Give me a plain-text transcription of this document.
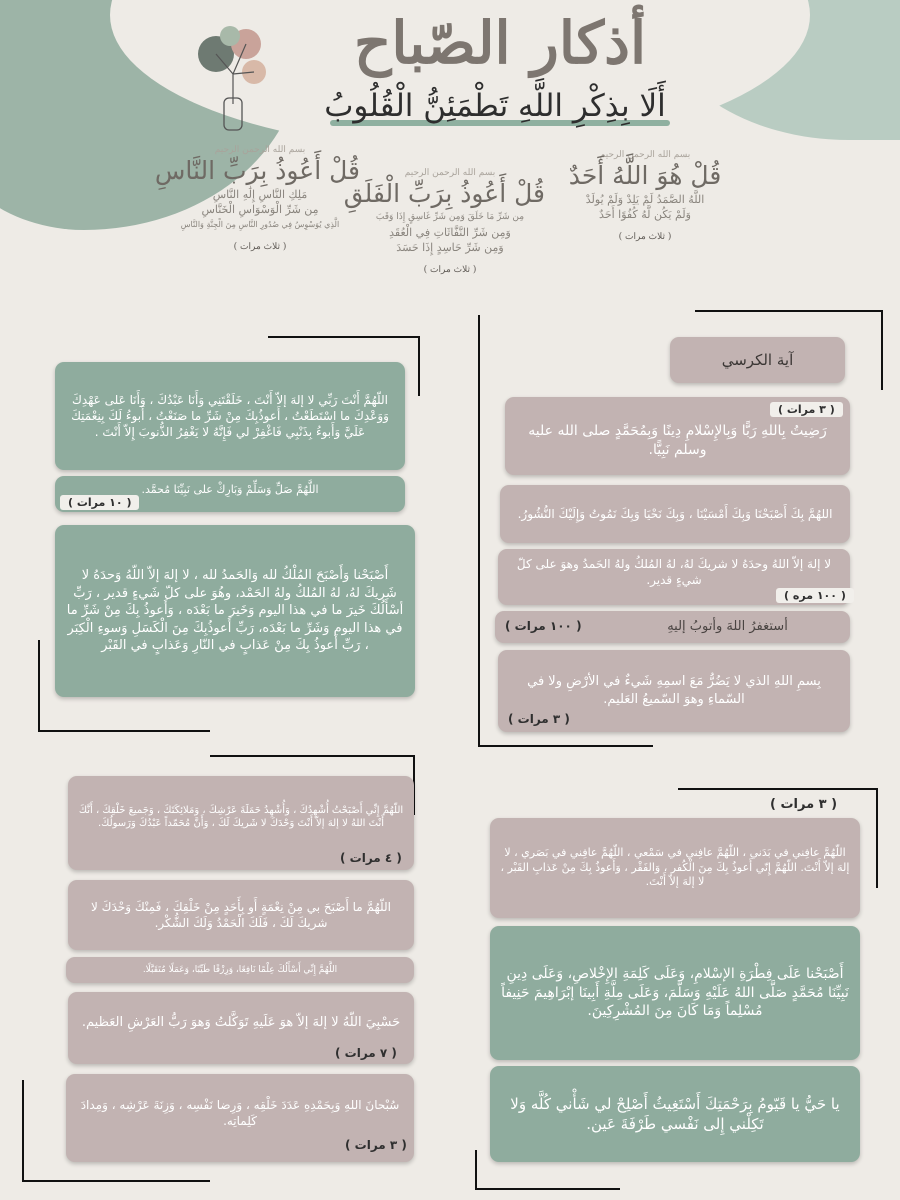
أذكار الصّباح
أَلَا بِذِكْرِ اللَّهِ تَطْمَئِنُّ الْقُلُوبُ
بسم الله الرحمن الرحيم
قُلْ هُوَ اللَّهُ أَحَدٌ
اللَّهُ الصَّمَدُ لَمْ يَلِدْ وَلَمْ يُولَدْ
وَلَمْ يَكُن لَّهُ كُفُوًا أَحَدٌ
( ثلاث مرات )
بسم الله الرحمن الرحيم
قُلْ أَعُوذُ بِرَبِّ الْفَلَقِ
مِن شَرِّ مَا خَلَقَ وَمِن شَرِّ غَاسِقٍ إِذَا وَقَبَ
وَمِن شَرِّ النَّفَّاثَاتِ فِي الْعُقَدِ
وَمِن شَرِّ حَاسِدٍ إِذَا حَسَدَ
( ثلاث مرات )
بسم الله الرحمن الرحيم
قُلْ أَعُوذُ بِرَبِّ النَّاسِ
مَلِكِ النَّاسِ إِلَٰهِ النَّاسِ
مِن شَرِّ الْوَسْوَاسِ الْخَنَّاسِ
الَّذِي يُوَسْوِسُ فِي صُدُورِ النَّاسِ مِنَ الْجِنَّةِ وَالنَّاسِ
( ثلاث مرات )
آية الكرسي
رَضِيتُ بِاللهِ رَبًّا وَبِالإِسْلامِ دِينًا وَبِمُحَمَّدٍ صلى الله عليه وسلم نَبِيًّا.
( ٣ مرات )
اللهُمَّ بِكَ أَصْبَحْنَا وَبِكَ أَمْسَيْنَا ، وَبِكَ نَحْيَا وَبِكَ نَمُوتُ وَإِلَيْكَ النُّشُورُ.
لا إلهَ إلاّ اللهُ وحدَهُ لا شريكَ لهُ، لهُ المُلكُ ولهُ الحَمدُ وهوَ على كلّ شيءٍ قدير.
( ١٠٠ مره )
أستغفرُ اللهَ وأتوبُ إليهِ
( ١٠٠ مرات )
بِسمِ اللهِ الذي لا يَضُرُّ مَعَ اسمِهِ شَيءٌ في الأرْضِ ولا في السّماءِ وهوَ السّميعُ العَليم.
( ٣ مرات )
اللّهُمَّ أَنْتَ رَبِّي لا إلهَ إلاّ أَنْتَ ، خَلَقْتَنِي وَأَنَا عَبْدُكَ ، وَأَنَا عَلى عَهْدِكَ وَوَعْدِكَ ما اسْتَطَعْتُ ، أَعوذُبِكَ مِنْ شَرِّ ما صَنَعْتُ ، أَبوءُ لَكَ بِنِعْمَتِكَ عَلَيَّ وَأَبوءُ بِذَنْبِي فَاغْفِرْ لي فَإِنَّهُ لا يَغْفِرُ الذُّنوبَ إِلاّ أَنْتَ .
اللَّهُمَّ صَلِّ وَسَلِّمْ وَبَارِكْ على نَبِيِّنَا مُحمَّد.
( ١٠ مرات )
أَصْبَحْنا وَأَصْبَحَ المُلْكُ لله وَالحَمدُ لله ، لا إلهَ إلاّ اللّهُ وَحدَهُ لا شَريكَ لهُ، لهُ المُلكُ ولهُ الحَمْد، وهُوَ على كلّ شَيءٍ قدير ، رَبِّ أسْأَلُكَ خَيرَ ما في هذا اليوم وَخَيرَ ما بَعْدَه ، وَأَعوذُ بِكَ مِنْ شَرِّ ما في هذا اليوم وَشَرِّ ما بَعْدَه، رَبِّ أَعوذُبِكَ مِنَ الْكَسَلِ وَسوءِ الْكِبَر ، رَبِّ أَعوذُ بِكَ مِنْ عَذابٍ في النّارِ وَعَذابٍ في القَبْر
اللّهُمَّ إِنِّي أَصْبَحْتُ أُشْهِدُكَ ، وَأُشْهِدُ حَمَلَةَ عَرْشِكَ ، وَمَلائِكَتَكَ ، وَجَميعَ خَلْقِكَ ، أَنَّكَ أَنْتَ اللهُ لا إلهَ إلاّ أَنْتَ وَحْدَكَ لا شَريكَ لَكَ ، وَأَنَّ مُحَمّداً عَبْدُكَ وَرَسولُكَ.
( ٤ مرات )
اللّهُمَّ ما أَصْبَحَ بي مِنْ نِعْمَةٍ أَو بِأَحَدٍ مِنْ خَلْقِكَ ، فَمِنْكَ وَحْدَكَ لا شريكَ لَكَ ، فَلَكَ الْحَمْدُ وَلَكَ الشُّكْر.
اللَّهُمَّ إِنِّي أَسْأَلُكَ عِلْمًا نَافِعًا، وَرِزْقًا طَيِّبًا، وَعَمَلًا مُتَقَبَّلًا.
حَسْبِيَ اللّهُ لا إلهَ إلاّ هوَ عَلَيهِ تَوَكَّلتُ وَهوَ رَبُّ العَرْشِ العَظيم.
( ٧ مرات )
سُبْحانَ اللهِ وَبِحَمْدِهِ عَدَدَ خَلْقِه ، وَرِضا نَفْسِه ، وَزِنَةَ عَرْشِه ، وَمِدادَ كَلِماتِه.
( ٣ مرات )
( ٣ مرات )
اللّهُمَّ عافِني في بَدَني ، اللّهُمَّ عافِني في سَمْعي ، اللّهُمَّ عافِني في بَصَري ، لا إلهَ إلاّ أَنْتَ. اللّهُمَّ إِنّي أَعوذُ بِكَ مِنَ الْكُفر ، وَالفَقْر ، وَأَعوذُ بِكَ مِنْ عَذابِ القَبْر ، لا إلهَ إلاّ أَنْتَ.
أَصْبَحْنا عَلَى فِطْرَةِ الإسْلامِ، وَعَلَى كَلِمَةِ الإِخْلاصِ، وَعَلَى دِينِ نَبِيِّنَا مُحَمَّدٍ صَلَّى اللهُ عَلَيْهِ وَسَلَّمَ، وَعَلَى مِلَّةِ أَبِينَا إبْرَاهِيمَ حَنِيفاً مُسْلِماً وَمَا كَانَ مِنَ المُشْرِكِينَ.
يا حَيُّ يا قَيّومُ بِرَحْمَتِكَ أَسْتَغِيثُ أَصْلِحْ لي شَأْني كُلَّه وَلا تَكِلْني إِلى نَفْسي طَرْفَةَ عَين.
